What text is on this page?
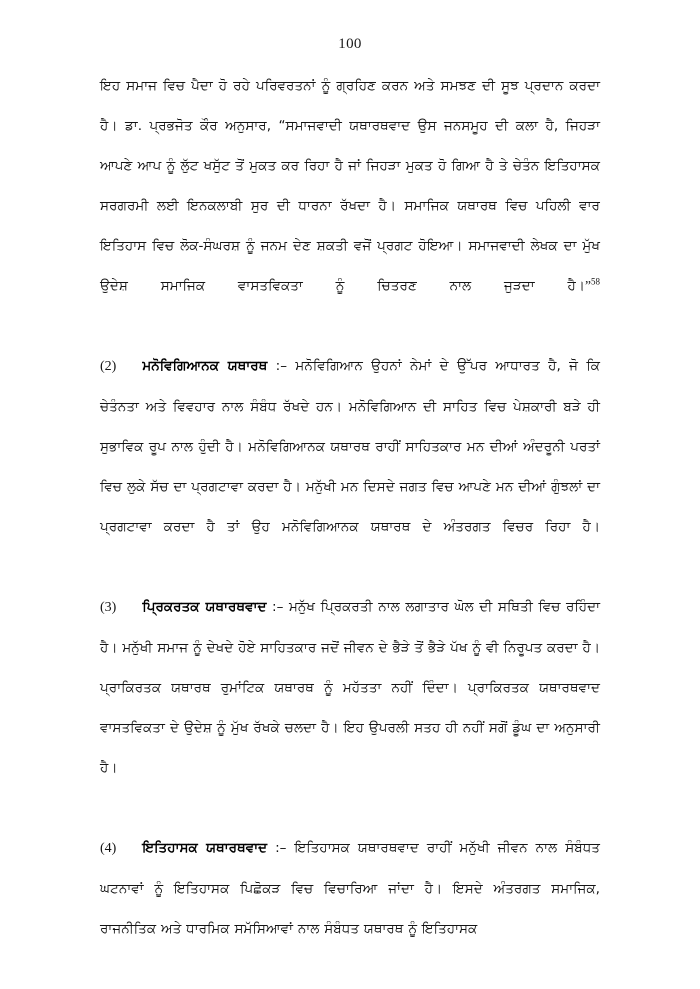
100

ਇਹ ਸਮਾਜ ਵਿਚ ਪੈਦਾ ਹੋ ਰਹੇ ਪਰਿਵਰਤਨਾਂ ਨੂੰ ਗ੍ਰਹਿਣ ਕਰਨ ਅਤੇ ਸਮਝਣ ਦੀ ਸੂਝ ਪ੍ਰਦਾਨ ਕਰਦਾ ਹੈ। ਡਾ. ਪ੍ਰਭਜੋਤ ਕੌਰ ਅਨੁਸਾਰ, “ਸਮਾਜਵਾਦੀ ਯਥਾਰਥਵਾਦ ਉਸ ਜਨਸਮੂਹ ਦੀ ਕਲਾ ਹੈ, ਜਿਹੜਾ ਆਪਣੇ ਆਪ ਨੂੰ ਲੁੱਟ ਖਸੁੱਟ ਤੋਂ ਮੁਕਤ ਕਰ ਰਿਹਾ ਹੈ ਜਾਂ ਜਿਹੜਾ ਮੁਕਤ ਹੋ ਗਿਆ ਹੈ ਤੇ ਚੇਤੰਨ ਇਤਿਹਾਸਕ ਸਰਗਰਮੀ ਲਈ ਇਨਕਲਾਬੀ ਸੁਰ ਦੀ ਧਾਰਨਾ ਰੱਖਦਾ ਹੈ। ਸਮਾਜਿਕ ਯਥਾਰਥ ਵਿਚ ਪਹਿਲੀ ਵਾਰ ਇਤਿਹਾਸ ਵਿਚ ਲੋਕ-ਸੰਘਰਸ਼ ਨੂੰ ਜਨਮ ਦੇਣ ਸ਼ਕਤੀ ਵਜੋਂ ਪ੍ਰਗਟ ਹੋਇਆ। ਸਮਾਜਵਾਦੀ ਲੇਖਕ ਦਾ ਮੁੱਖ ਉਦੇਸ਼ ਸਮਾਜਿਕ ਵਾਸਤਵਿਕਤਾ ਨੂੰ ਚਿਤਰਣ ਨਾਲ ਜੁੜਦਾ ਹੈ।”$^{58}$

(2) ਮਨੋਵਿਗਿਆਨਕ ਯਥਾਰਥ :– ਮਨੋਵਿਗਿਆਨ ਉਹਨਾਂ ਨੇਮਾਂ ਦੇ ਉੱਪਰ ਆਧਾਰਤ ਹੈ, ਜੋ ਕਿ ਚੇਤੰਨਤਾ ਅਤੇ ਵਿਵਹਾਰ ਨਾਲ ਸੰਬੰਧ ਰੱਖਦੇ ਹਨ। ਮਨੋਵਿਗਿਆਨ ਦੀ ਸਾਹਿਤ ਵਿਚ ਪੇਸ਼ਕਾਰੀ ਬੜੇ ਹੀ ਸੁਭਾਵਿਕ ਰੂਪ ਨਾਲ ਹੁੰਦੀ ਹੈ। ਮਨੋਵਿਗਿਆਨਕ ਯਥਾਰਥ ਰਾਹੀਂ ਸਾਹਿਤਕਾਰ ਮਨ ਦੀਆਂ ਅੰਦਰੂਨੀ ਪਰਤਾਂ ਵਿਚ ਲੁਕੇ ਸੱਚ ਦਾ ਪ੍ਰਗਟਾਵਾ ਕਰਦਾ ਹੈ। ਮਨੁੱਖੀ ਮਨ ਦਿਸਦੇ ਜਗਤ ਵਿਚ ਆਪਣੇ ਮਨ ਦੀਆਂ ਗੁੰਝਲਾਂ ਦਾ ਪ੍ਰਗਟਾਵਾ ਕਰਦਾ ਹੈ ਤਾਂ ਉਹ ਮਨੋਵਿਗਿਆਨਕ ਯਥਾਰਥ ਦੇ ਅੰਤਰਗਤ ਵਿਚਰ ਰਿਹਾ ਹੈ।

(3) ਪ੍ਰਿਕਰਤਕ ਯਥਾਰਥਵਾਦ :– ਮਨੁੱਖ ਪ੍ਰਿਕਰਤੀ ਨਾਲ ਲਗਾਤਾਰ ਘੋਲ ਦੀ ਸਥਿਤੀ ਵਿਚ ਰਹਿੰਦਾ ਹੈ। ਮਨੁੱਖੀ ਸਮਾਜ ਨੂੰ ਦੇਖਦੇ ਹੋਏ ਸਾਹਿਤਕਾਰ ਜਦੋਂ ਜੀਵਨ ਦੇ ਭੈੜੇ ਤੋਂ ਭੈੜੇ ਪੱਖ ਨੂੰ ਵੀ ਨਿਰੂਪਤ ਕਰਦਾ ਹੈ। ਪ੍ਰਾਕਿਰਤਕ ਯਥਾਰਥ ਰੁਮਾਂਟਿਕ ਯਥਾਰਥ ਨੂੰ ਮਹੱਤਤਾ ਨਹੀਂ ਦਿੰਦਾ। ਪ੍ਰਾਕਿਰਤਕ ਯਥਾਰਥਵਾਦ ਵਾਸਤਵਿਕਤਾ ਦੇ ਉਦੇਸ਼ ਨੂੰ ਮੁੱਖ ਰੱਖਕੇ ਚਲਦਾ ਹੈ। ਇਹ ਉਪਰਲੀ ਸਤਹ ਹੀ ਨਹੀਂ ਸਗੋਂ ਡੂੰਘ ਦਾ ਅਨੁਸਾਰੀ ਹੈ।

(4) ਇਤਿਹਾਸਕ ਯਥਾਰਥਵਾਦ :– ਇਤਿਹਾਸਕ ਯਥਾਰਥਵਾਦ ਰਾਹੀਂ ਮਨੁੱਖੀ ਜੀਵਨ ਨਾਲ ਸੰਬੰਧਤ ਘਟਨਾਵਾਂ ਨੂੰ ਇਤਿਹਾਸਕ ਪਿਛੋਕੜ ਵਿਚ ਵਿਚਾਰਿਆ ਜਾਂਦਾ ਹੈ। ਇਸਦੇ ਅੰਤਰਗਤ ਸਮਾਜਿਕ, ਰਾਜਨੀਤਿਕ ਅਤੇ ਧਾਰਮਿਕ ਸਮੱਸਿਆਵਾਂ ਨਾਲ ਸੰਬੰਧਤ ਯਥਾਰਥ ਨੂੰ ਇਤਿਹਾਸਕ
